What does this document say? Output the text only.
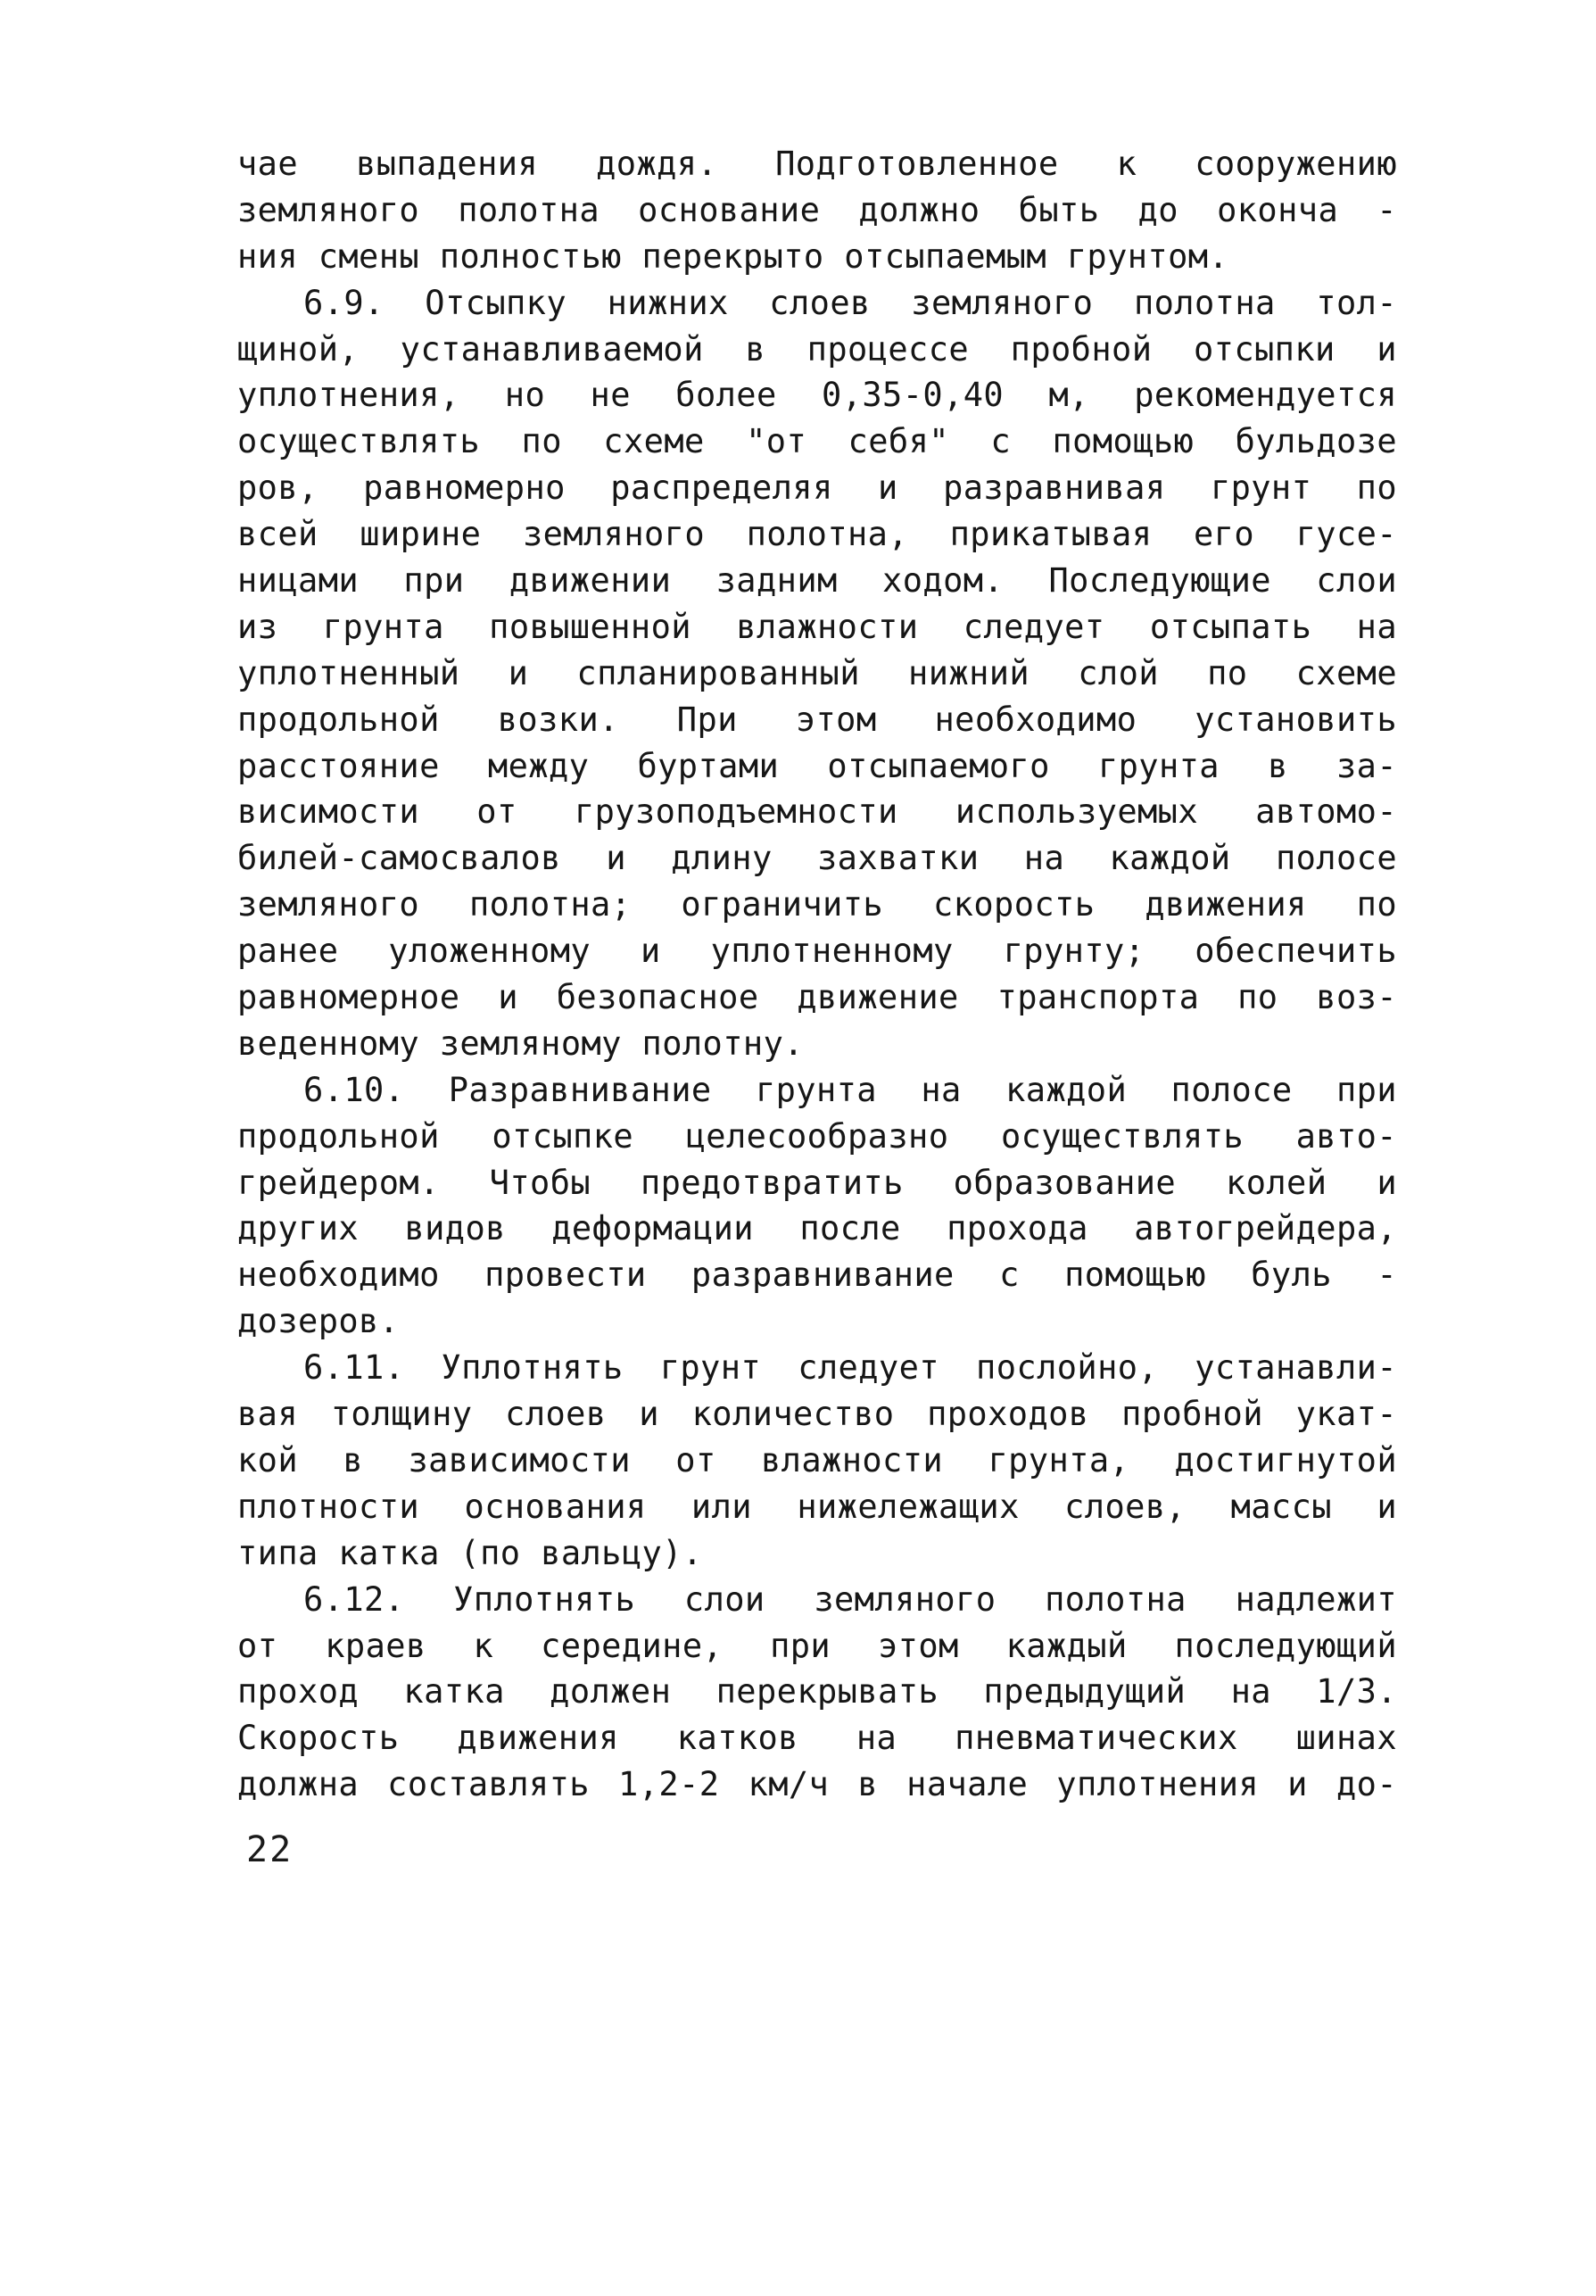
чае выпадения дождя. Подготовленное к сооружению
земляного полотна основание должно быть до оконча -
ния смены полностью перекрыто отсыпаемым грунтом.
6.9. Отсыпку нижних слоев земляного полотна тол-
щиной, устанавливаемой в процессе пробной отсыпки и
уплотнения, но не более 0,35-0,40 м, рекомендуется
осуществлять по схеме "от себя" с помощью бульдозе
ров, равномерно распределяя и разравнивая грунт по
всей ширине земляного полотна, прикатывая его гусе-
ницами при движении задним ходом. Последующие слои
из грунта повышенной влажности следует отсыпать на
уплотненный и спланированный нижний слой по схеме
продольной возки. При этом необходимо установить
расстояние между буртами отсыпаемого грунта в за-
висимости от грузоподъемности используемых автомо-
билей-самосвалов и длину захватки на каждой полосе
земляного полотна; ограничить скорость движения по
ранее уложенному и уплотненному грунту; обеспечить
равномерное и безопасное движение транспорта по воз-
веденному земляному полотну.
6.10. Разравнивание грунта на каждой полосе при
продольной отсыпке целесообразно осуществлять авто-
грейдером. Чтобы предотвратить образование колей и
других видов деформации после прохода автогрейдера,
необходимо провести разравнивание с помощью буль -
дозеров.
6.11. Уплотнять грунт следует послойно, устанавли-
вая толщину слоев и количество проходов пробной укат-
кой в зависимости от влажности грунта, достигнутой
плотности основания или нижележащих слоев, массы и
типа катка (по вальцу).
6.12. Уплотнять слои земляного полотна надлежит
от краев к середине, при этом каждый последующий
проход катка должен перекрывать предыдущий на 1/3.
Скорость движения катков на пневматических шинах
должна составлять 1,2-2 км/ч в начале уплотнения и до-
22
